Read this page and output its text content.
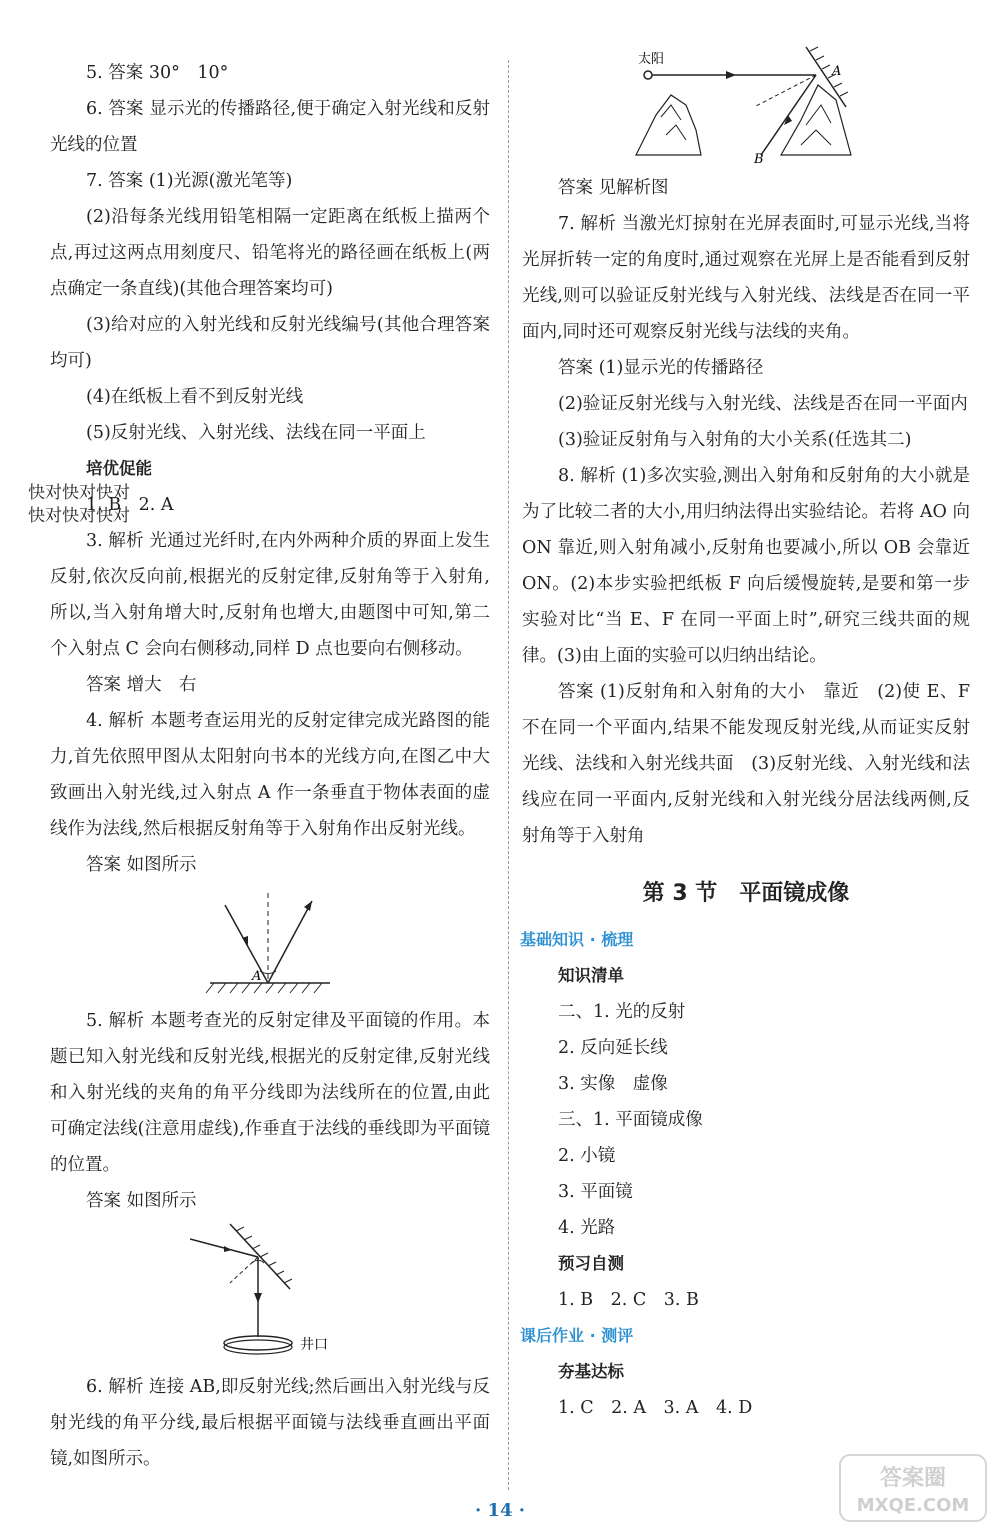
5. 答案 30°　10°

6. 答案 显示光的传播路径,便于确定入射光线和反射光线的位置

7. 答案 (1)光源(激光笔等)

(2)沿每条光线用铅笔相隔一定距离在纸板上描两个点,再过这两点用刻度尺、铅笔将光的路径画在纸板上(两点确定一条直线)(其他合理答案均可)

(3)给对应的入射光线和反射光线编号(其他合理答案均可)

(4)在纸板上看不到反射光线

(5)反射光线、入射光线、法线在同一平面上

培优促能

1. B　2. A

3. 解析 光通过光纤时,在内外两种介质的界面上发生反射,依次反向前,根据光的反射定律,反射角等于入射角,所以,当入射角增大时,反射角也增大,由题图中可知,第二个入射点 C 会向右侧移动,同样 D 点也要向右侧移动。

答案 增大　右

4. 解析 本题考查运用光的反射定律完成光路图的能力,首先依照甲图从太阳射向书本的光线方向,在图乙中大致画出入射光线,过入射点 A 作一条垂直于物体表面的虚线作为法线,然后根据反射角等于入射角作出反射光线。

答案 如图所示

A

5. 解析 本题考查光的反射定律及平面镜的作用。本题已知入射光线和反射光线,根据光的反射定律,反射光线和入射光线的夹角的角平分线即为法线所在的位置,由此可确定法线(注意用虚线),作垂直于法线的垂线即为平面镜的位置。

答案 如图所示

井口

6. 解析 连接 AB,即反射光线;然后画出入射光线与反射光线的角平分线,最后根据平面镜与法线垂直画出平面镜,如图所示。

快对快对快对
快对快对快对
太阳
A
B

答案 见解析图

7. 解析 当激光灯掠射在光屏表面时,可显示光线,当将光屏折转一定的角度时,通过观察在光屏上是否能看到反射光线,则可以验证反射光线与入射光线、法线是否在同一平面内,同时还可观察反射光线与法线的夹角。

答案 (1)显示光的传播路径

(2)验证反射光线与入射光线、法线是否在同一平面内

(3)验证反射角与入射角的大小关系(任选其二)

8. 解析 (1)多次实验,测出入射角和反射角的大小就是为了比较二者的大小,用归纳法得出实验结论。若将 AO 向 ON 靠近,则入射角减小,反射角也要减小,所以 OB 会靠近 ON。(2)本步实验把纸板 F 向后缓慢旋转,是要和第一步实验对比“当 E、F 在同一平面上时”,研究三线共面的规律。(3)由上面的实验可以归纳出结论。

答案 (1)反射角和入射角的大小　靠近　(2)使 E、F 不在同一个平面内,结果不能发现反射光线,从而证实反射光线、法线和入射光线共面　(3)反射光线、入射光线和法线应在同一平面内,反射光线和入射光线分居法线两侧,反射角等于入射角

第 3 节　平面镜成像

基础知识 · 梳理

知识清单

二、1. 光的反射

2. 反向延长线

3. 实像　虚像

三、1. 平面镜成像

2. 小镜

3. 平面镜

4. 光路

预习自测

1. B　2. C　3. B

课后作业 · 测评

夯基达标

1. C　2. A　3. A　4. D

· 14 ·
答案圈
MXQE.COM
